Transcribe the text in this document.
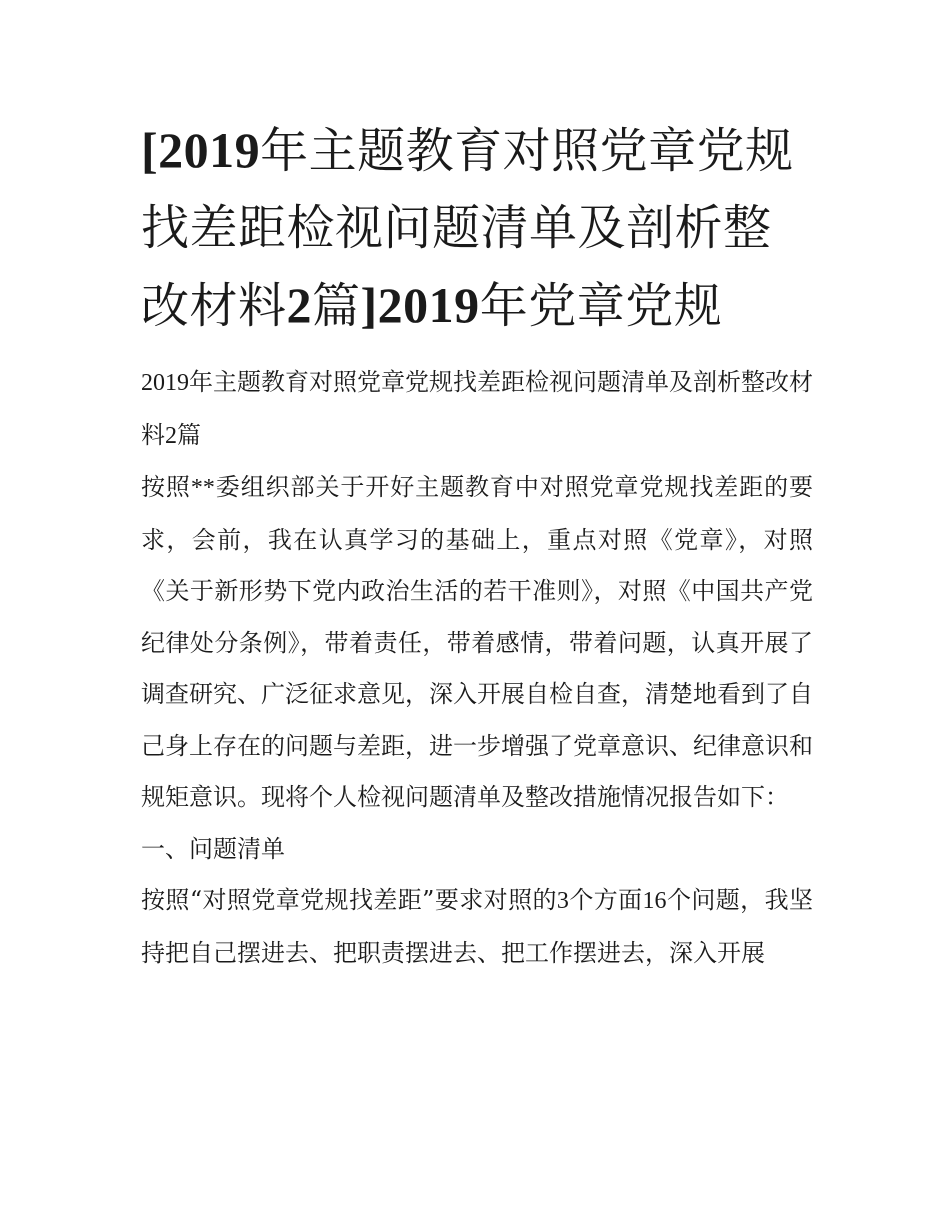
[2019年主题教育对照党章党规找差距检视问题清单及剖析整改材料2篇]2019年党章党规

2019年主题教育对照党章党规找差距检视问题清单及剖析整改材料2篇

按照**委组织部关于开好主题教育中对照党章党规找差距的要求，会前，我在认真学习的基础上，重点对照《党章》，对照《关于新形势下党内政治生活的若干准则》，对照《中国共产党纪律处分条例》，带着责任，带着感情，带着问题，认真开展了调查研究、广泛征求意见，深入开展自检自查，清楚地看到了自己身上存在的问题与差距，进一步增强了党章意识、纪律意识和规矩意识。现将个人检视问题清单及整改措施情况报告如下：

一、问题清单

按照“对照党章党规找差距”要求对照的3个方面16个问题，我坚持把自己摆进去、把职责摆进去、把工作摆进去，深入开展
